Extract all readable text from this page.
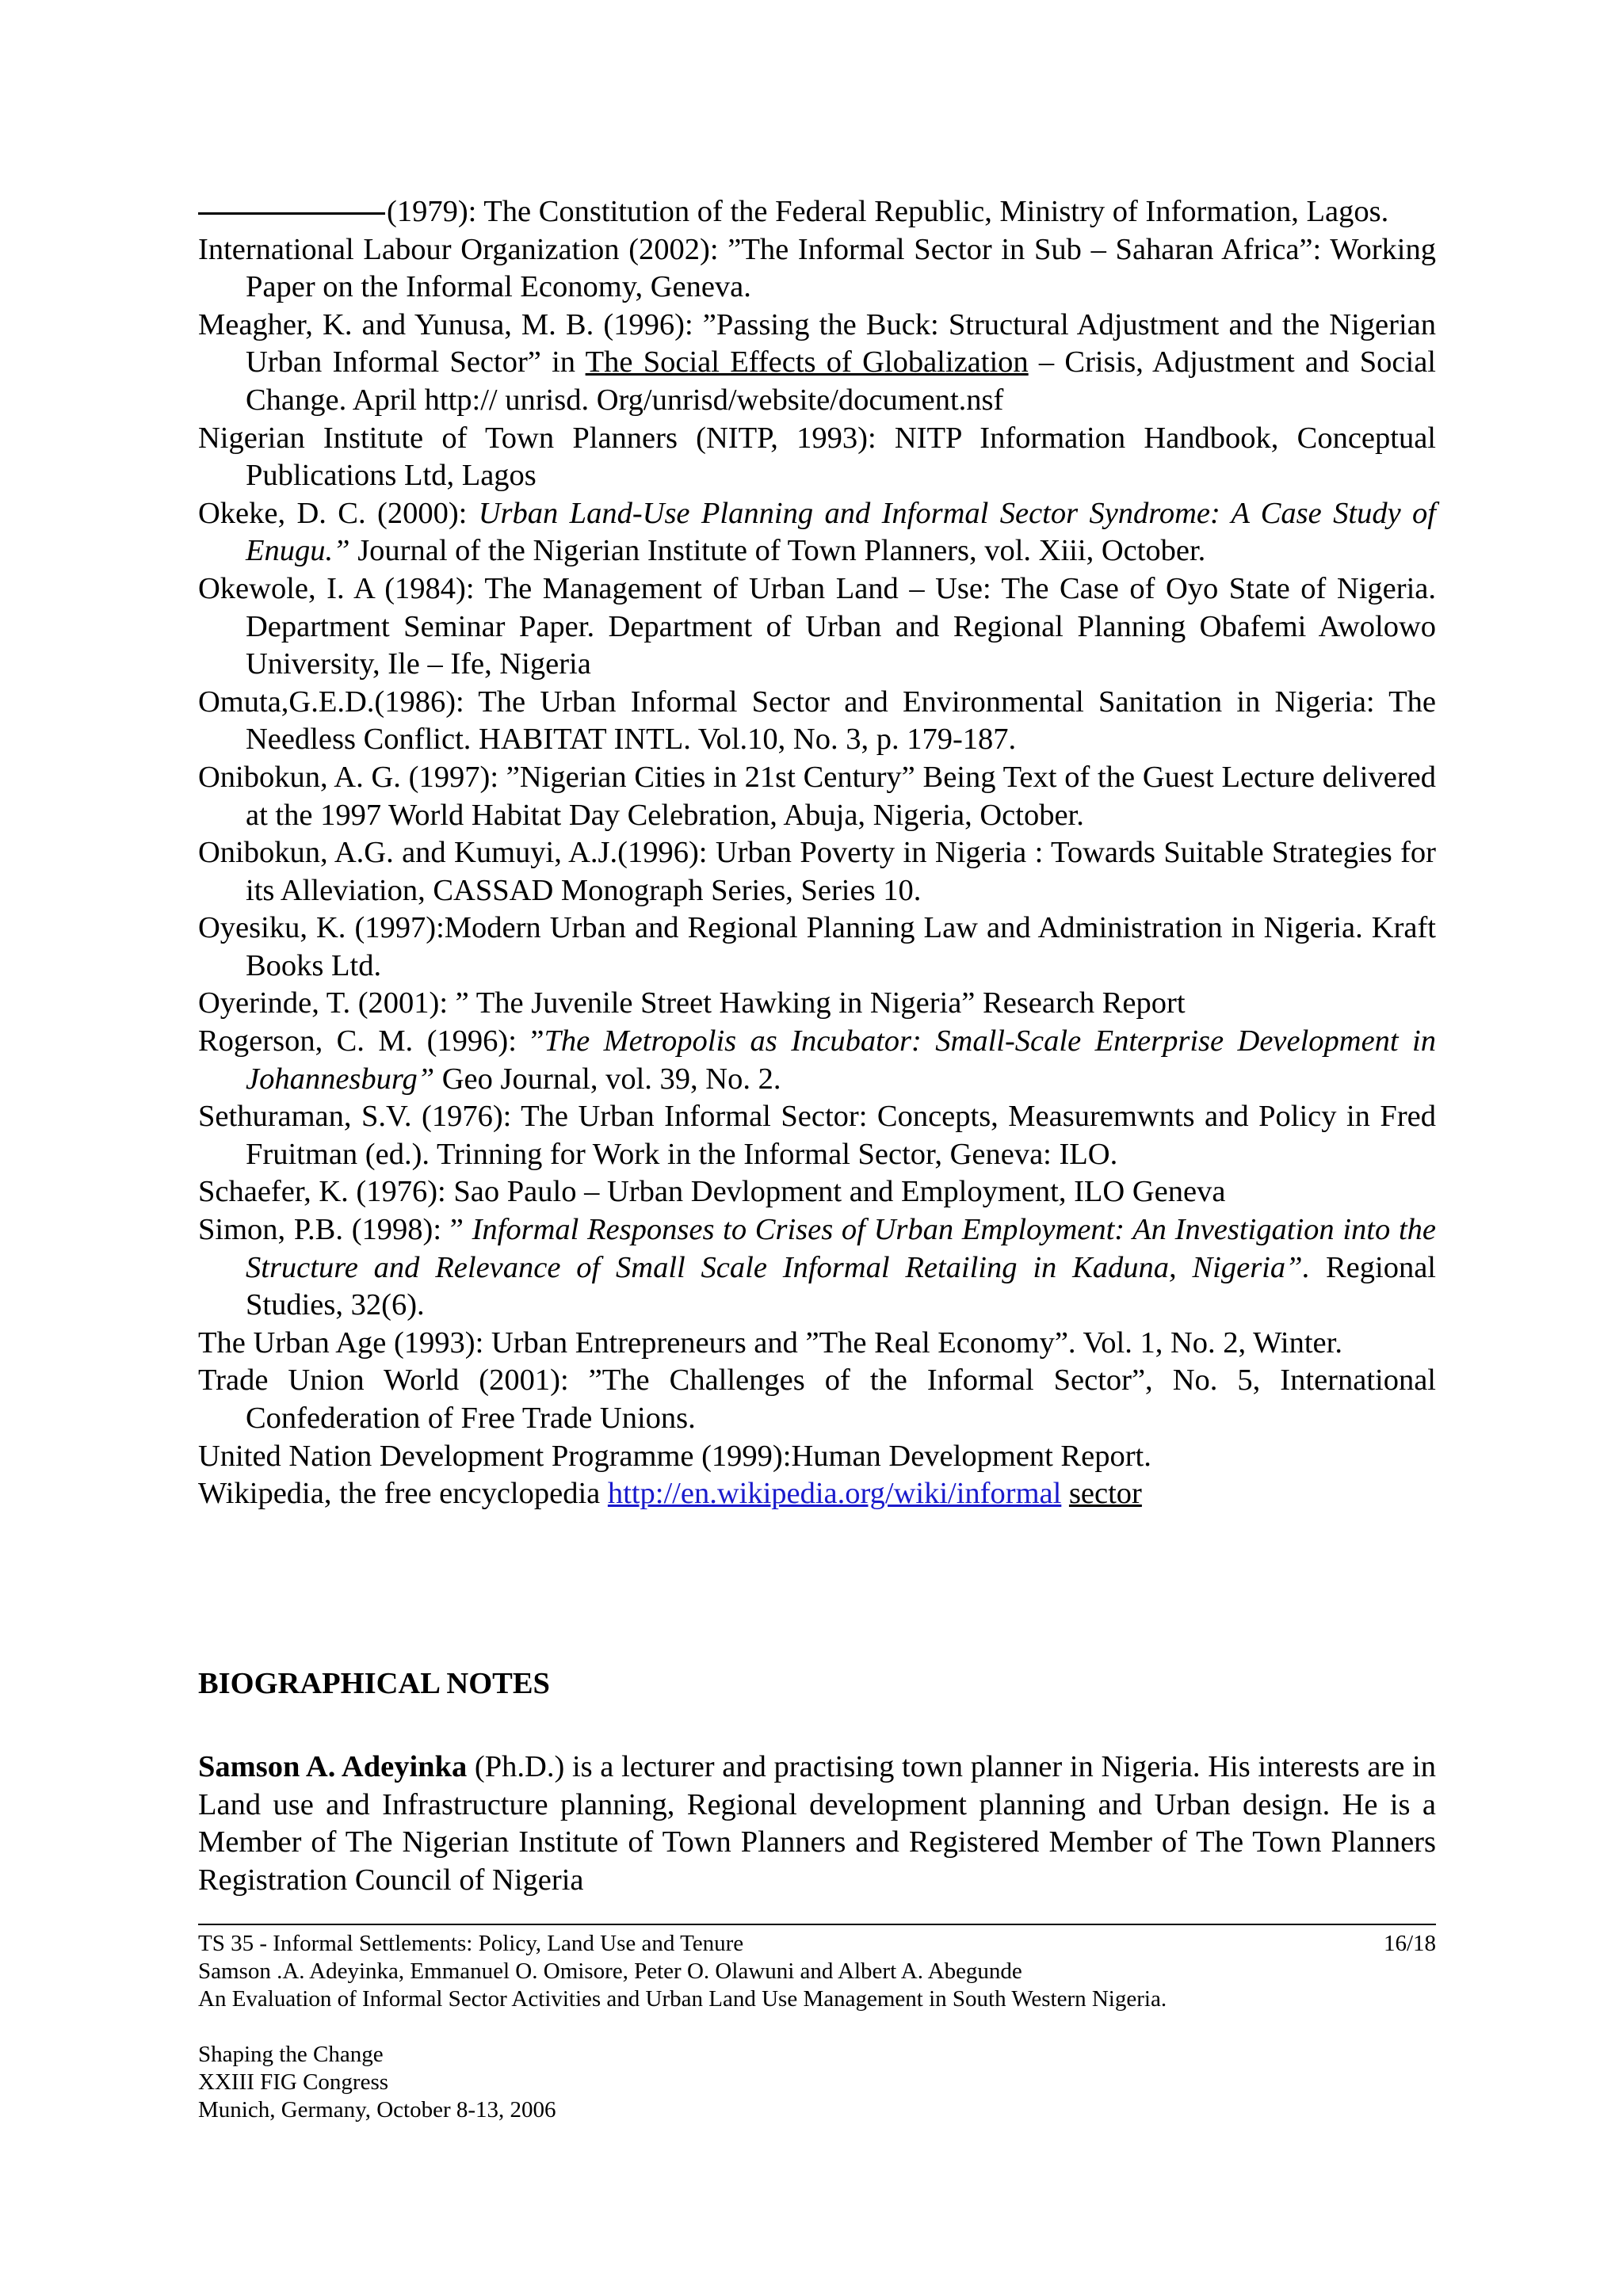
(1979): The Constitution of the Federal Republic, Ministry of Information, Lagos.

International Labour Organization (2002): ”The Informal Sector in Sub – Saharan Africa”: Working Paper on the Informal Economy, Geneva.

Meagher, K. and Yunusa, M. B. (1996): ”Passing the Buck: Structural Adjustment and the Nigerian Urban Informal Sector” in The Social Effects of Globalization – Crisis, Adjustment and Social Change. April http:// unrisd. Org/unrisd/website/document.nsf

Nigerian Institute of Town Planners (NITP, 1993): NITP Information Handbook, Conceptual Publications Ltd, Lagos

Okeke, D. C. (2000): Urban Land-Use Planning and Informal Sector Syndrome: A Case Study of Enugu.” Journal of the Nigerian Institute of Town Planners, vol. Xiii, October.

Okewole, I. A (1984): The Management of Urban Land – Use: The Case of Oyo State of Nigeria. Department Seminar Paper. Department of Urban and Regional Planning Obafemi Awolowo University, Ile – Ife, Nigeria

Omuta,G.E.D.(1986): The Urban Informal Sector and Environmental Sanitation in Nigeria: The Needless Conflict. HABITAT INTL. Vol.10, No. 3, p. 179-187.

Onibokun, A. G. (1997): ”Nigerian Cities in 21st Century” Being Text of the Guest Lecture delivered at the 1997 World Habitat Day Celebration, Abuja, Nigeria, October.

Onibokun, A.G. and Kumuyi, A.J.(1996): Urban Poverty in Nigeria : Towards Suitable Strategies for its Alleviation, CASSAD Monograph Series, Series 10.

Oyesiku, K. (1997):Modern Urban and Regional Planning Law and Administration in Nigeria. Kraft Books Ltd.

Oyerinde, T. (2001): ” The Juvenile Street Hawking in Nigeria” Research Report

Rogerson, C. M. (1996): ”The Metropolis as Incubator: Small-Scale Enterprise Development in Johannesburg” Geo Journal, vol. 39, No. 2.

Sethuraman, S.V. (1976): The Urban Informal Sector: Concepts, Measuremwnts and Policy in Fred Fruitman (ed.). Trinning for Work in the Informal Sector, Geneva: ILO.

Schaefer, K. (1976): Sao Paulo – Urban Devlopment and Employment, ILO Geneva

Simon, P.B. (1998): ” Informal Responses to Crises of Urban Employment: An Investigation into the Structure and Relevance of Small Scale Informal Retailing in Kaduna, Nigeria”. Regional Studies, 32(6).

The Urban Age (1993): Urban Entrepreneurs and ”The Real Economy”. Vol. 1, No. 2, Winter.

Trade Union World (2001): ”The Challenges of the Informal Sector”, No. 5, International Confederation of Free Trade Unions.

United Nation Development Programme (1999):Human Development Report.

Wikipedia, the free encyclopedia http://en.wikipedia.org/wiki/informal sector

BIOGRAPHICAL NOTES

Samson A. Adeyinka (Ph.D.) is a lecturer and practising town planner in Nigeria. His interests are in Land use and Infrastructure planning, Regional development planning and Urban design. He is a Member of The Nigerian Institute of Town Planners and Registered Member of The Town Planners Registration Council of Nigeria

16/18

TS 35 - Informal Settlements: Policy, Land Use and Tenure

Samson .A. Adeyinka, Emmanuel O. Omisore, Peter O. Olawuni and Albert A. Abegunde

An Evaluation of Informal Sector Activities and Urban Land Use Management in South Western Nigeria.

Shaping the Change

XXIII FIG Congress

Munich, Germany, October 8-13, 2006
